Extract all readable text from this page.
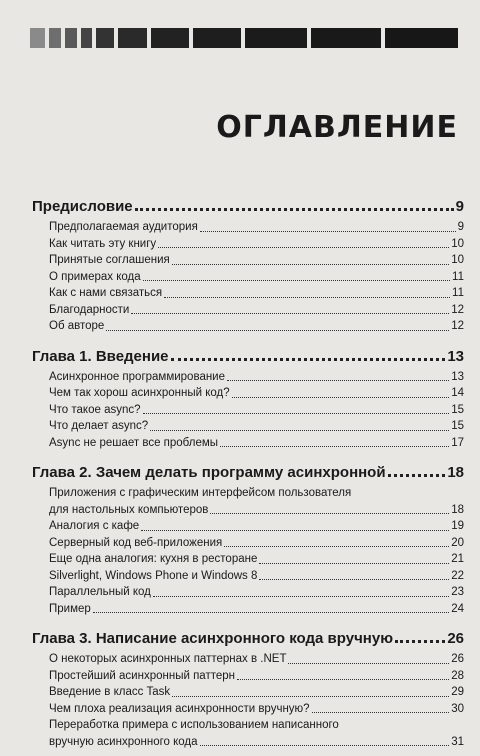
ОГЛАВЛЕНИЕ
Предисловие	9
Предполагаемая аудитория	9
Как читать эту книгу	10
Принятые соглашения	10
О примерах кода	11
Как с нами связаться	11
Благодарности	12
Об авторе	12
Глава 1. Введение	13
Асинхронное программирование	13
Чем так хорош асинхронный код?	14
Что такое async?	15
Что делает async?	15
Async не решает все проблемы	17
Глава 2. Зачем делать программу асинхронной	18
Приложения с графическим интерфейсом пользователя
для настольных компьютеров	18
Аналогия с кафе	19
Серверный код веб-приложения	20
Еще одна аналогия: кухня в ресторане	21
Silverlight, Windows Phone и Windows 8	22
Параллельный код	23
Пример	24
Глава 3. Написание асинхронного кода вручную	26
О некоторых асинхронных паттернах в .NET	26
Простейший асинхронный паттерн	28
Введение в класс Task	29
Чем плоха реализация асинхронности вручную?	30
Переработка примера с использованием написанного
вручную асинхронного кода	31
